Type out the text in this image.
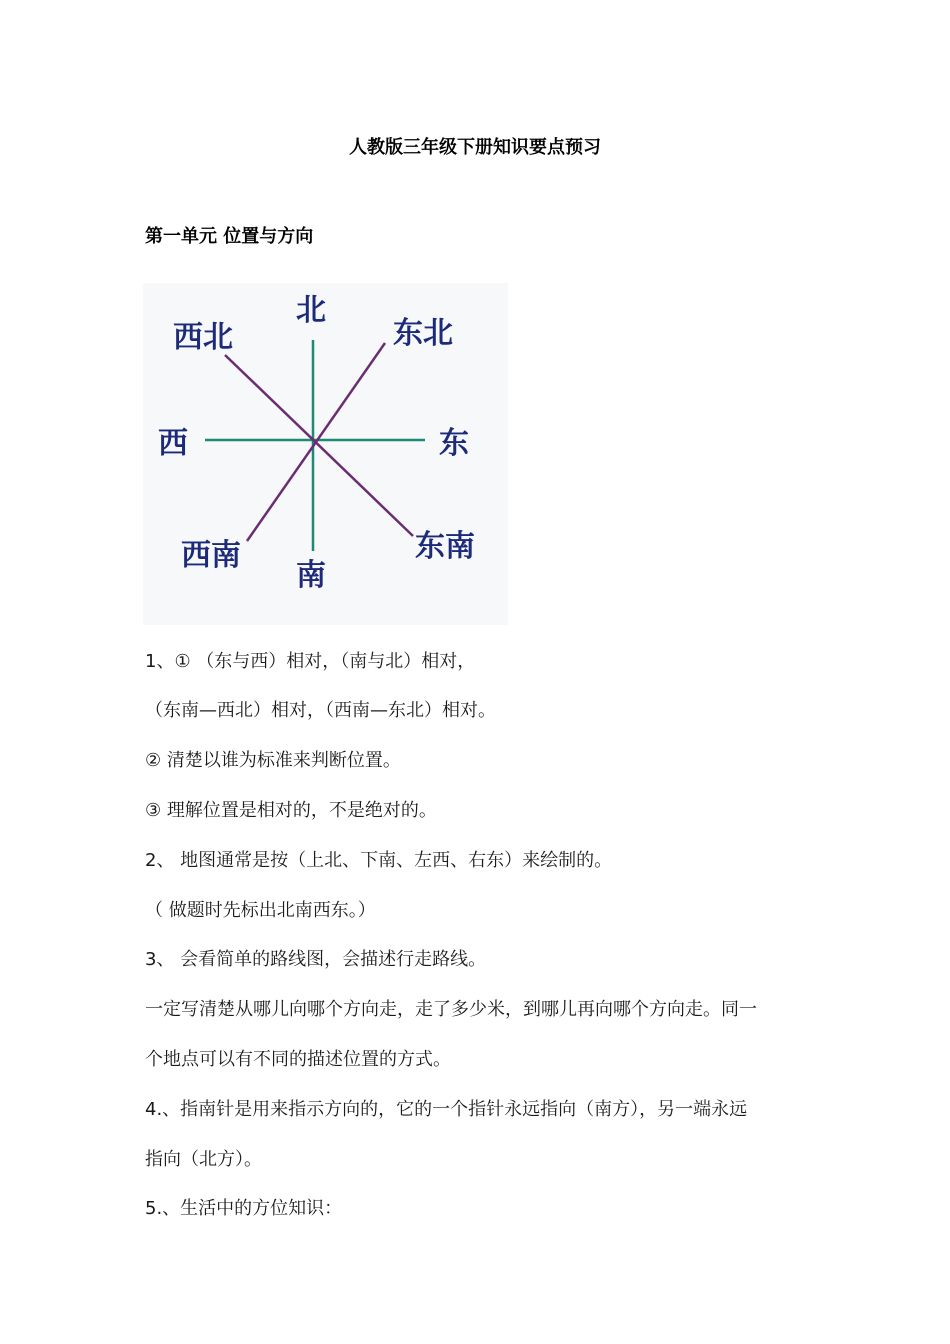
人教版三年级下册知识要点预习
第一单元 位置与方向
北
东北
东
东南
南
西南
西
西北
1、① （东与西）相对，（南与北）相对，
（东南—西北）相对，（西南—东北）相对。
② 清楚以谁为标准来判断位置。
③ 理解位置是相对的，不是绝对的。
2、 地图通常是按（上北、下南、左西、右东）来绘制的。
（ 做题时先标出北南西东。）
3、 会看简单的路线图，会描述行走路线。
一定写清楚从哪儿向哪个方向走，走了多少米，到哪儿再向哪个方向走。同一
个地点可以有不同的描述位置的方式。
4.、指南针是用来指示方向的，它的一个指针永远指向（南方），另一端永远
指向（北方）。
5.、生活中的方位知识：
